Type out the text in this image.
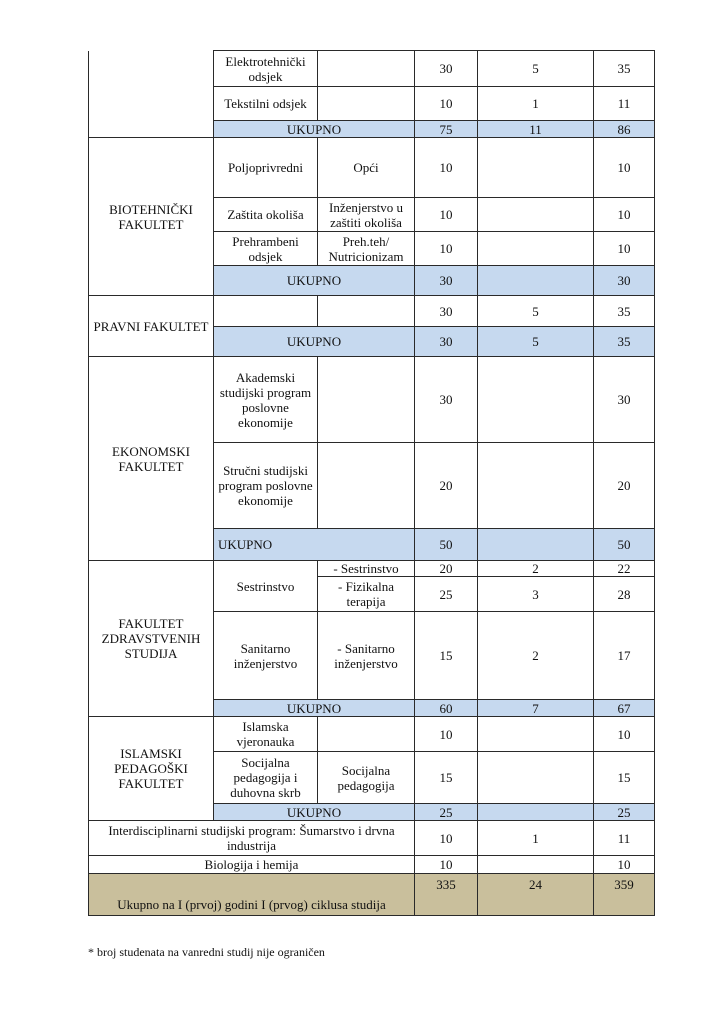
	Elektrotehnički odsjek		30	5	35
	Tekstilni odsjek		10	1	11
	UKUPNO		75	11	86
BIOTEHNIČKI FAKULTET	Poljoprivredni	Opći	10		10
	Zaštita okoliša	Inženjerstvo u zaštiti okoliša	10		10
	Prehrambeni odsjek	Preh.teh/ Nutricionizam	10		10
	UKUPNO		30		30
PRAVNI FAKULTET			30	5	35
	UKUPNO		30	5	35
EKONOMSKI FAKULTET	Akademski studijski program poslovne ekonomije		30		30
	Stručni studijski program poslovne ekonomije		20		20
	UKUPNO		50		50
FAKULTET ZDRAVSTVENIH STUDIJA	Sestrinstvo	- Sestrinstvo	20	2	22
		- Fizikalna terapija	25	3	28
	Sanitarno inženjerstvo	- Sanitarno inženjerstvo	15	2	17
	UKUPNO		60	7	67
ISLAMSKI PEDAGOŠKI FAKULTET	Islamska vjeronauka		10		10
	Socijalna pedagogija i duhovna skrb	Socijalna pedagogija	15		15
	UKUPNO		25		25
Interdisciplinarni studijski program: Šumarstvo i drvna industrija			10	1	11
Biologija i hemija			10		10
Ukupno na I (prvoj) godini I (prvog) ciklusa studija			335	24	359
* broj studenata na vanredni studij nije ograničen
